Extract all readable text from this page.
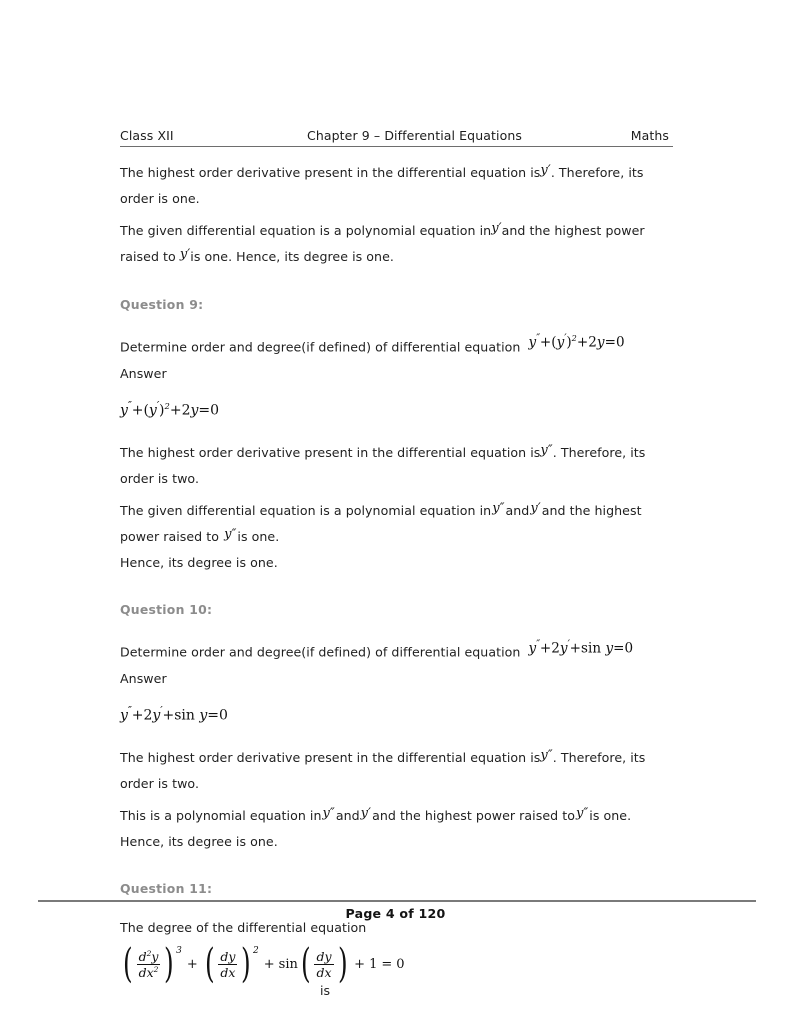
Class XII	Chapter 9 – Differential Equations	Maths

The highest order derivative present in the differential equation isy′. Therefore, its order is one.

The given differential equation is a polynomial equation iny′and the highest power raised to y′is one. Hence, its degree is one.

Question 9:

Determine order and degree(if defined) of differential equation $y''+(y')^2+2y=0$

Answer

$y''+(y')^2+2y=0$

The highest order derivative present in the differential equation isy″. Therefore, its order is two.

The given differential equation is a polynomial equation iny″andy′and the highest power raised to y″is one.

Hence, its degree is one.

Question 10:

Determine order and degree(if defined) of differential equation y″+2y′+sin y=0

Answer

y″+2y′+sin y=0

The highest order derivative present in the differential equation isy″. Therefore, its order is two.

This is a polynomial equation iny″andy′and the highest power raised toy″is one.

Hence, its degree is one.

Question 11:

The degree of the differential equation

( $\frac{d^2y}{dx^2}$ ) 3
+ ( $\frac{dy}{dx}$ ) 2
+ sin ( $\frac{dy}{dx}$ ) + 1 = 0
is
Page 4 of 120
